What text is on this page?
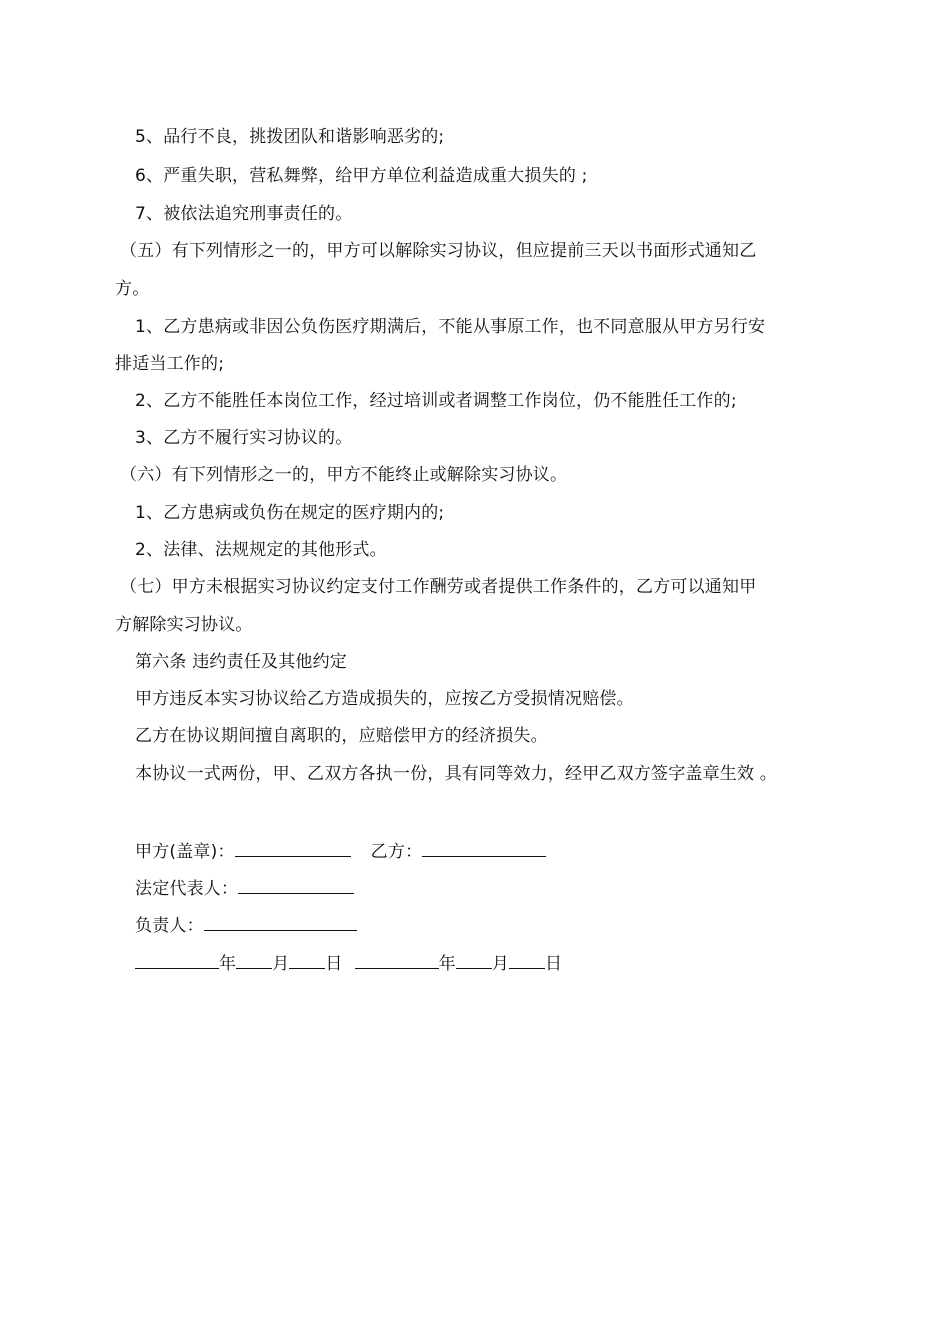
5、品行不良，挑拨团队和谐影响恶劣的;
6、严重失职，营私舞弊，给甲方单位利益造成重大损失的 ;
7、被依法追究刑事责任的。
（五）有下列情形之一的，甲方可以解除实习协议，但应提前三天以书面形式通知乙
方。
1、乙方患病或非因公负伤医疗期满后，不能从事原工作，也不同意服从甲方另行安
排适当工作的;
2、乙方不能胜任本岗位工作，经过培训或者调整工作岗位，仍不能胜任工作的;
3、乙方不履行实习协议的。
（六）有下列情形之一的，甲方不能终止或解除实习协议。
1、乙方患病或负伤在规定的医疗期内的;
2、法律、法规规定的其他形式。
（七）甲方未根据实习协议约定支付工作酬劳或者提供工作条件的，乙方可以通知甲
方解除实习协议。
第六条 违约责任及其他约定
甲方违反本实习协议给乙方造成损失的，应按乙方受损情况赔偿。
乙方在协议期间擅自离职的，应赔偿甲方的经济损失。
本协议一式两份，甲、乙双方各执一份，具有同等效力，经甲乙双方签字盖章生效 。
甲方(盖章)：	乙方：
法定代表人：
负责人：
年 月 日	年 月 日
